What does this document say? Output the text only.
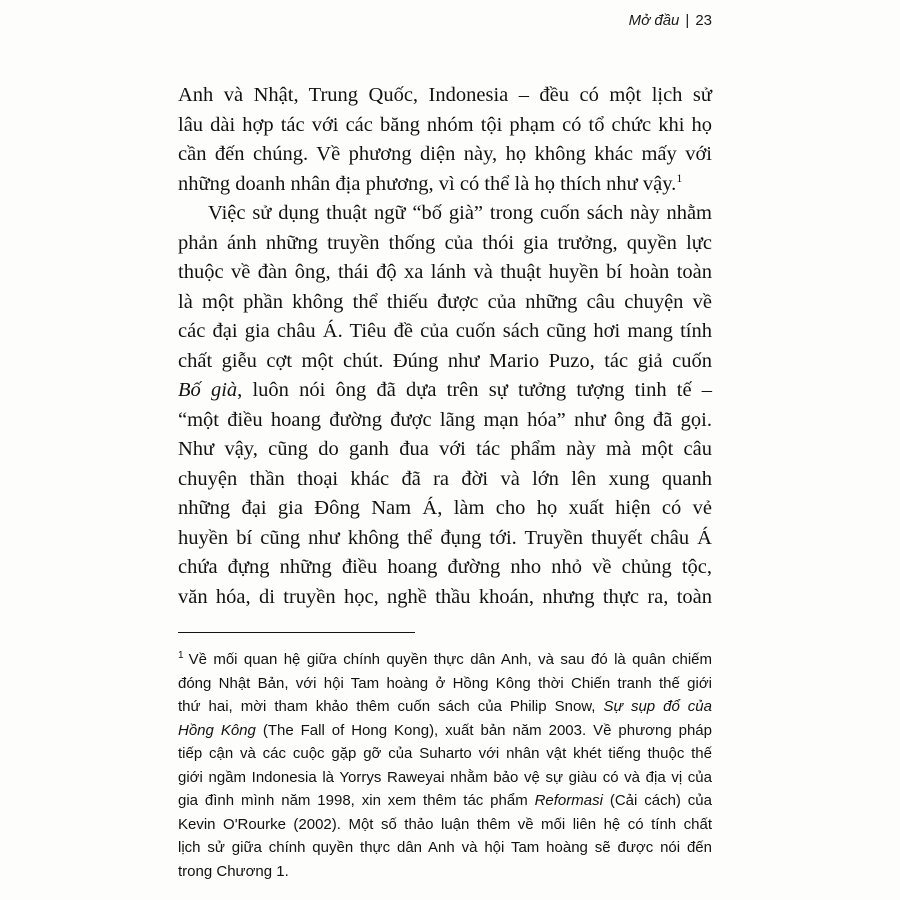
Mở đầu | 23
Anh và Nhật, Trung Quốc, Indonesia – đều có một lịch sử
lâu dài hợp tác với các băng nhóm tội phạm có tổ chức khi họ
cần đến chúng. Về phương diện này, họ không khác mấy với
những doanh nhân địa phương, vì có thể là họ thích như vậy.$^1$
Việc sử dụng thuật ngữ “bố già” trong cuốn sách này nhằm
phản ánh những truyền thống của thói gia trưởng, quyền lực
thuộc về đàn ông, thái độ xa lánh và thuật huyền bí hoàn toàn
là một phần không thể thiếu được của những câu chuyện về
các đại gia châu Á. Tiêu đề của cuốn sách cũng hơi mang tính
chất giễu cợt một chút. Đúng như Mario Puzo, tác giả cuốn
Bố già, luôn nói ông đã dựa trên sự tưởng tượng tinh tế –
“một điều hoang đường được lãng mạn hóa” như ông đã gọi.
Như vậy, cũng do ganh đua với tác phẩm này mà một câu
chuyện thần thoại khác đã ra đời và lớn lên xung quanh
những đại gia Đông Nam Á, làm cho họ xuất hiện có vẻ
huyền bí cũng như không thể đụng tới. Truyền thuyết châu Á
chứa đựng những điều hoang đường nho nhỏ về chủng tộc,
văn hóa, di truyền học, nghề thầu khoán, nhưng thực ra, toàn
$^1$ Về mối quan hệ giữa chính quyền thực dân Anh, và sau đó là quân chiếm
đóng Nhật Bản, với hội Tam hoàng ở Hồng Kông thời Chiến tranh thế giới
thứ hai, mời tham khảo thêm cuốn sách của Philip Snow, Sự sụp đổ của
Hồng Kông (The Fall of Hong Kong), xuất bản năm 2003. Về phương pháp
tiếp cận và các cuộc gặp gỡ của Suharto với nhân vật khét tiếng thuộc thế
giới ngầm Indonesia là Yorrys Raweyai nhằm bảo vệ sự giàu có và địa vị của
gia đình mình năm 1998, xin xem thêm tác phẩm Reformasi (Cải cách) của
Kevin O'Rourke (2002). Một số thảo luận thêm về mối liên hệ có tính chất
lịch sử giữa chính quyền thực dân Anh và hội Tam hoàng sẽ được nói đến
trong Chương 1.
